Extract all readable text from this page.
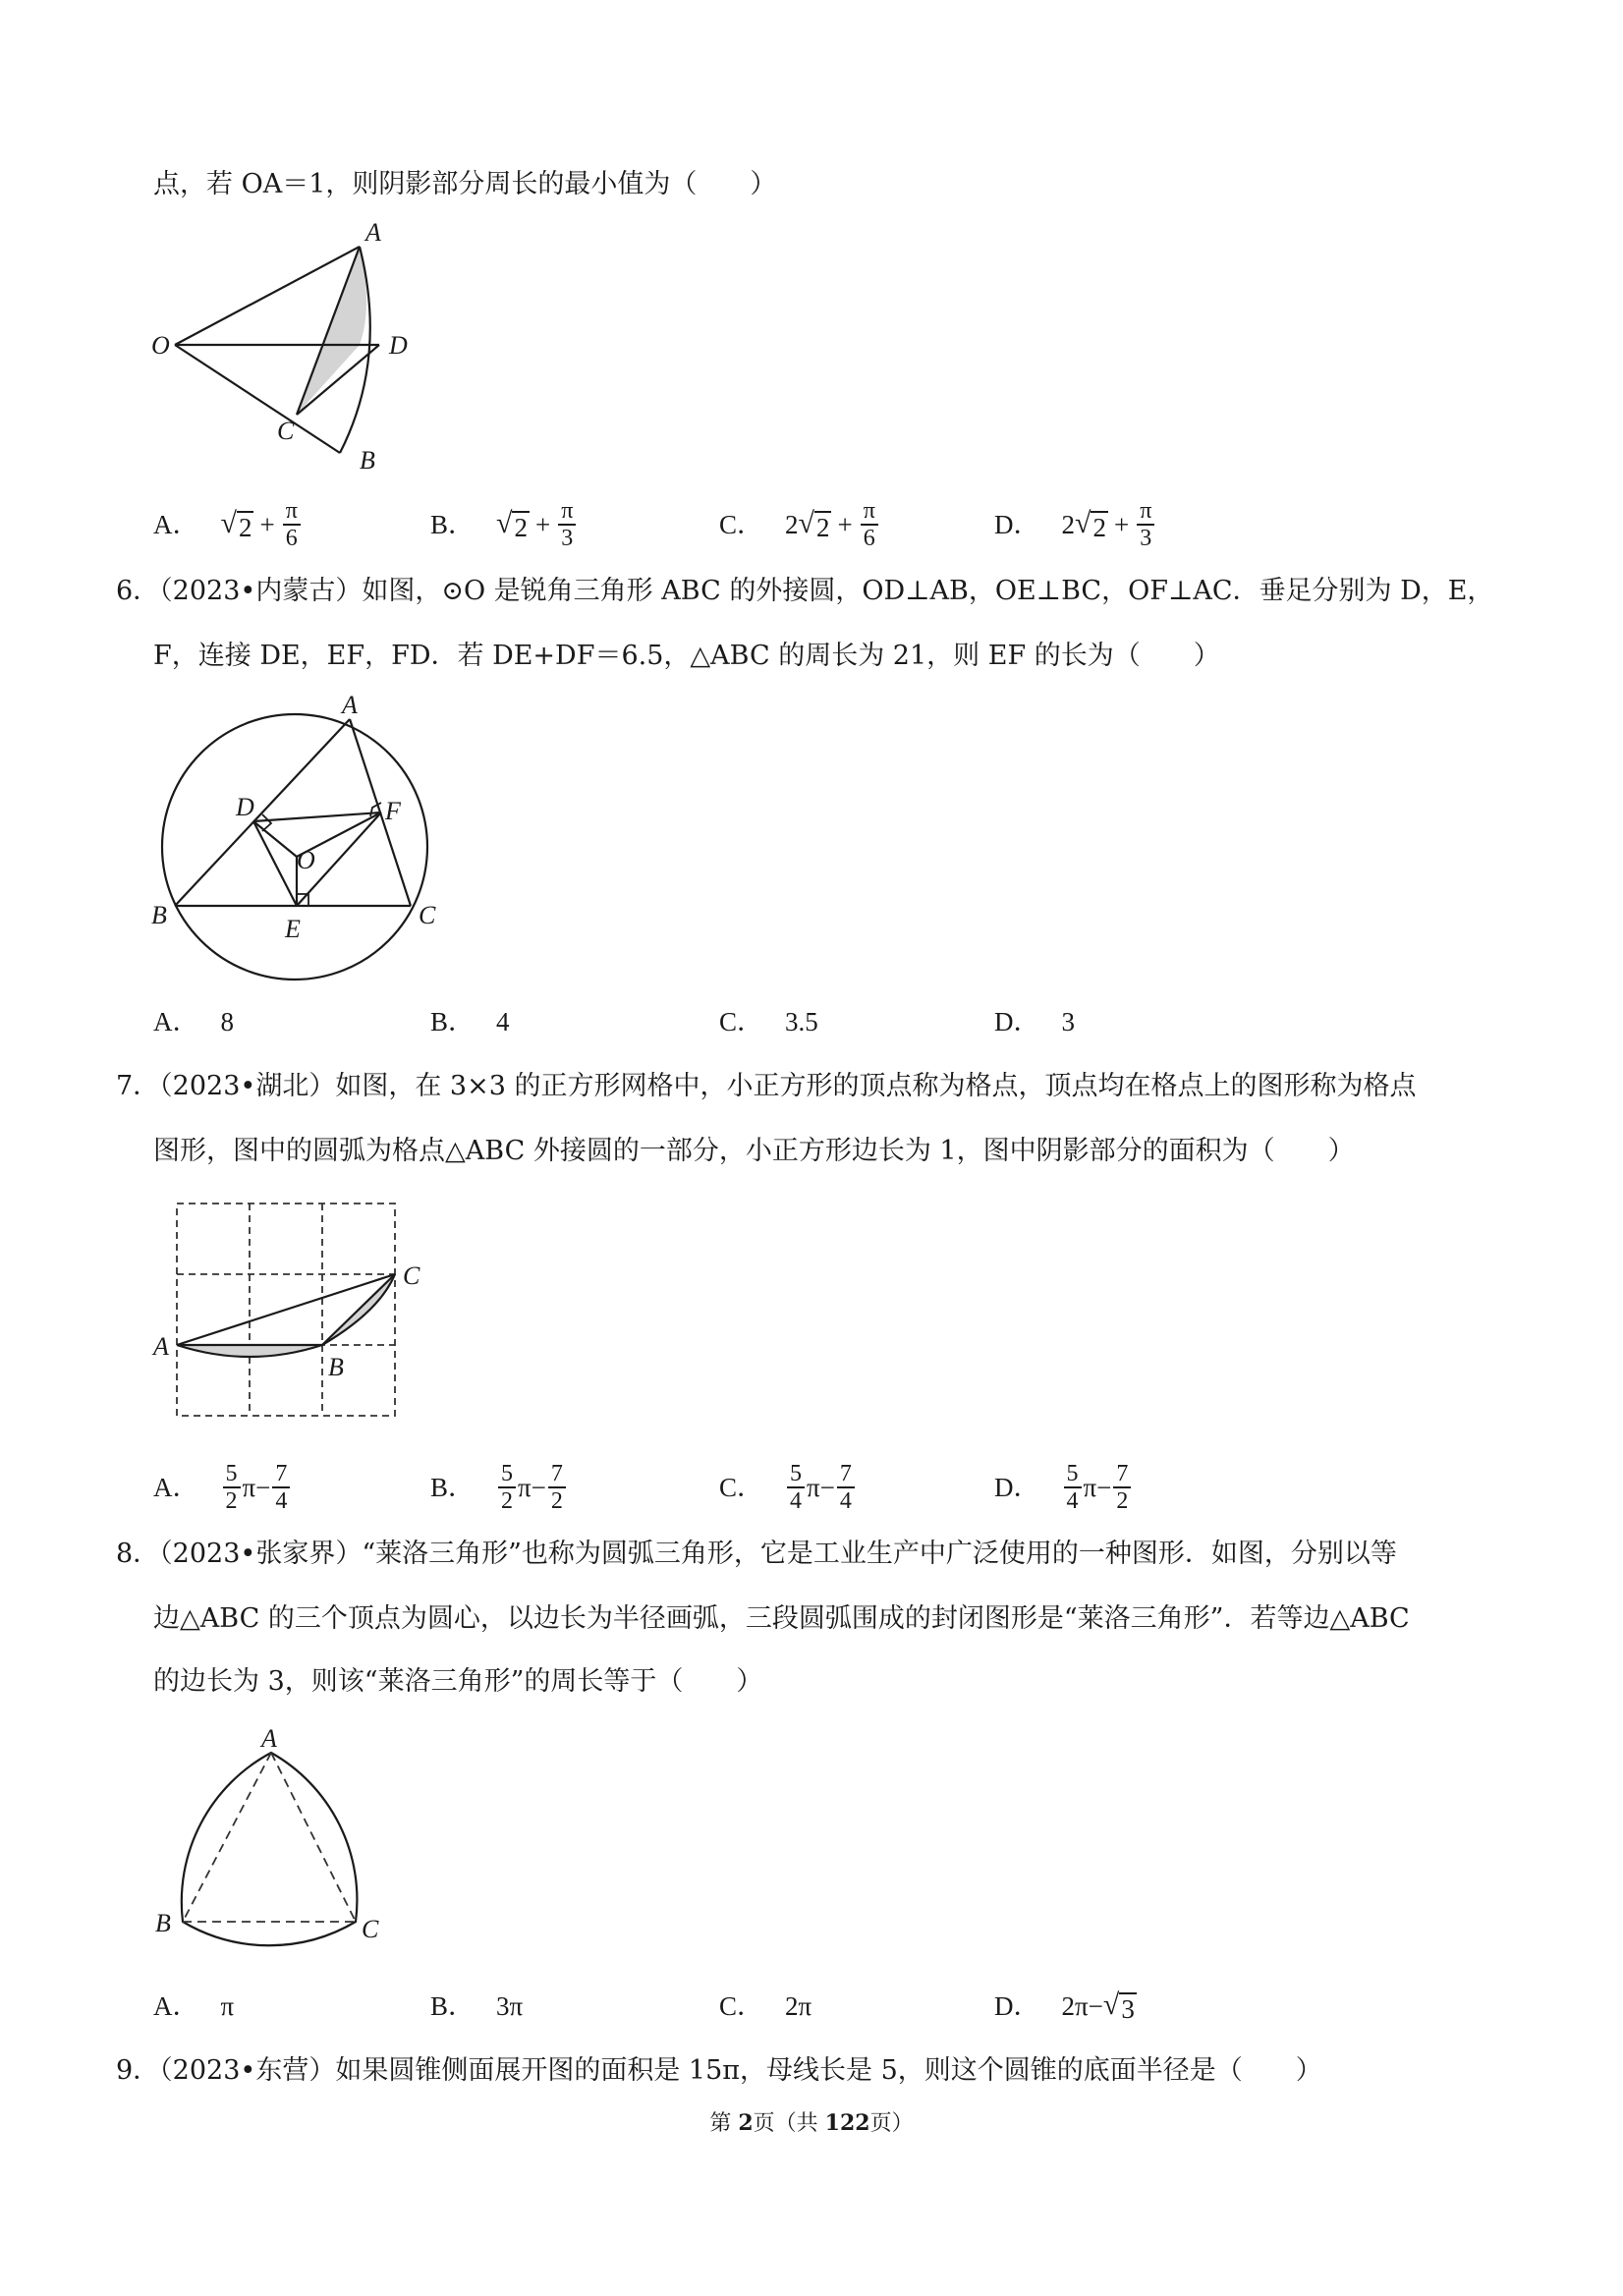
点，若 OA＝1，则阴影部分周长的最小值为（　　）
A
O	D
C
B
A． √ $2 + \frac{\pi}{6}$	B． √ $2 + \frac{\pi}{3}$	C． 2 √ $2 + \frac{\pi}{6}$	D． 2 √ $2 + \frac{\pi}{3}$
6．（2023•内蒙古）如图，⊙O 是锐角三角形 ABC 的外接圆，OD⊥AB，OE⊥BC，OF⊥AC．垂足分别为 D，E，
F，连接 DE，EF，FD．若 DE+DF＝6.5，△ABC 的周长为 21，则 EF 的长为（　　）
A
D	F
O
B	E	C
A． 8	B． 4	C． 3.5	D． 3
7．（2023•湖北）如图，在 3×3 的正方形网格中，小正方形的顶点称为格点，顶点均在格点上的图形称为格点
图形，图中的圆弧为格点△ABC 外接圆的一部分，小正方形边长为 1，图中阴影部分的面积为（　　）
A
B
C
A． $\frac{5}{2} \pi- \frac{7}{4}$	B． $\frac{5}{2} \pi- \frac{7}{2}$	C． $\frac{5}{4} \pi- \frac{7}{4}$	D． $\frac{5}{4} \pi- \frac{7}{2}$
8．（2023•张家界）“莱洛三角形”也称为圆弧三角形，它是工业生产中广泛使用的一种图形．如图，分别以等
边△ABC 的三个顶点为圆心，以边长为半径画弧，三段圆弧围成的封闭图形是“莱洛三角形”．若等边△ABC
的边长为 3，则该“莱洛三角形”的周长等于（　　）
A
B	C
A． π	B． 3π	C． 2π	D． 2π− √ 3
9．（2023•东营）如果圆锥侧面展开图的面积是 15π，母线长是 5，则这个圆锥的底面半径是（　　）
第 2页（共 122页）
